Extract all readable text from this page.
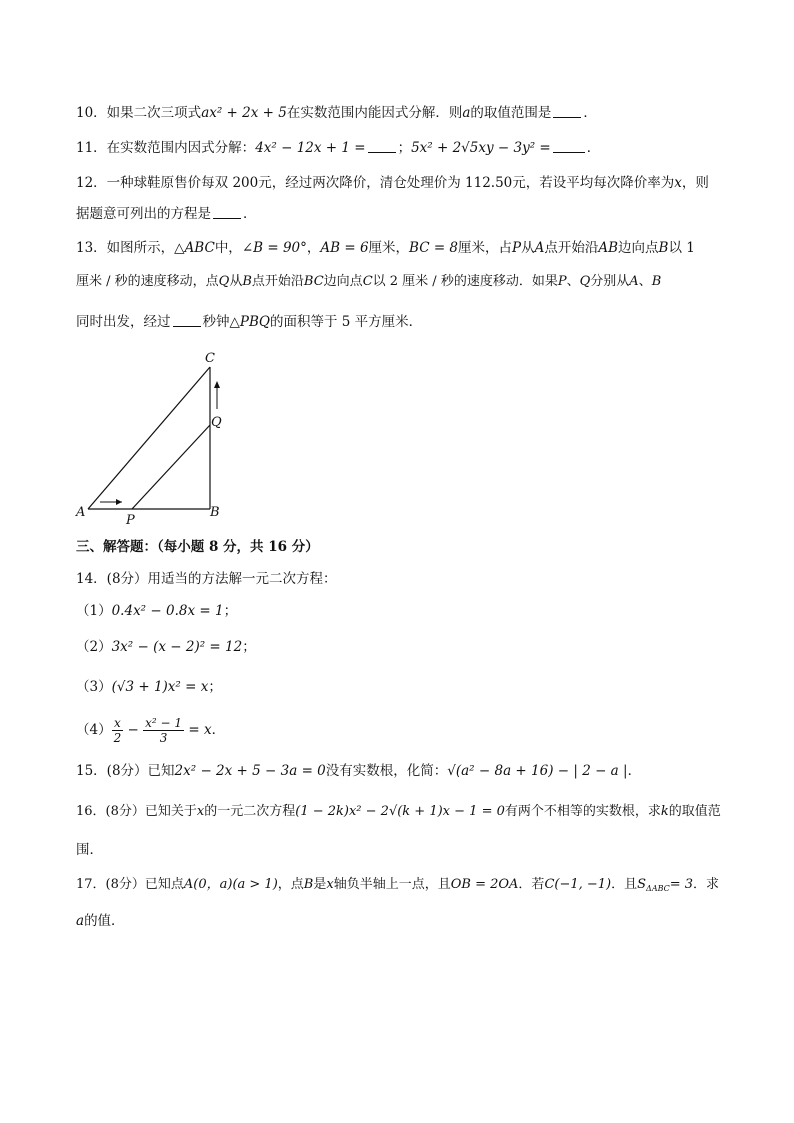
10．如果二次三项式ax² + 2x + 5在实数范围内能因式分解．则a的取值范围是 ．
11．在实数范围内因式分解：4x² − 12x + 1 = ；5x² + 2√5xy − 3y² =	．
12．一种球鞋原售价每双 200元，经过两次降价，清仓处理价为 112.50元，若设平均每次降价率为x，则
据题意可列出的方程是 ．
13．如图所示，△ABC中，∠B = 90°，AB = 6厘米，BC = 8厘米，占P从A点开始沿AB边向点B以 1
厘米 / 秒的速度移动，点Q从B点开始沿BC边向点C以 2 厘米 / 秒的速度移动．如果P、Q分别从A、B
同时出发，经过 秒钟△PBQ的面积等于 5 平方厘米．
C
Q
A	B
P
三、解答题：（每小题 8 分，共 16 分）
14．(8分）用适当的方法解一元二次方程：
（1）0.4x² − 0.8x = 1；
（2）3x² − (x − 2)² = 12；
（3）(√3 + 1)x² = x；
$(4) \frac{x}{2} - \frac{\text{x² − 1}}{3} = x$．
15．(8分）已知2x² − 2x + 5 − 3a = 0没有实数根，化简：√(a² − 8a + 16) − | 2 − a |．
16．(8分）已知关于x的一元二次方程(1 − 2k)x² − 2√(k + 1)x − 1 = 0有两个不相等的实数根，求k的取值范
围．
17．(8分）已知点A(0，a)(a > 1)，点B是x轴负半轴上一点，且OB = 2OA．若C(−1, −1)．且$S_{\Delta ABC}= 3$．求
a的值．
